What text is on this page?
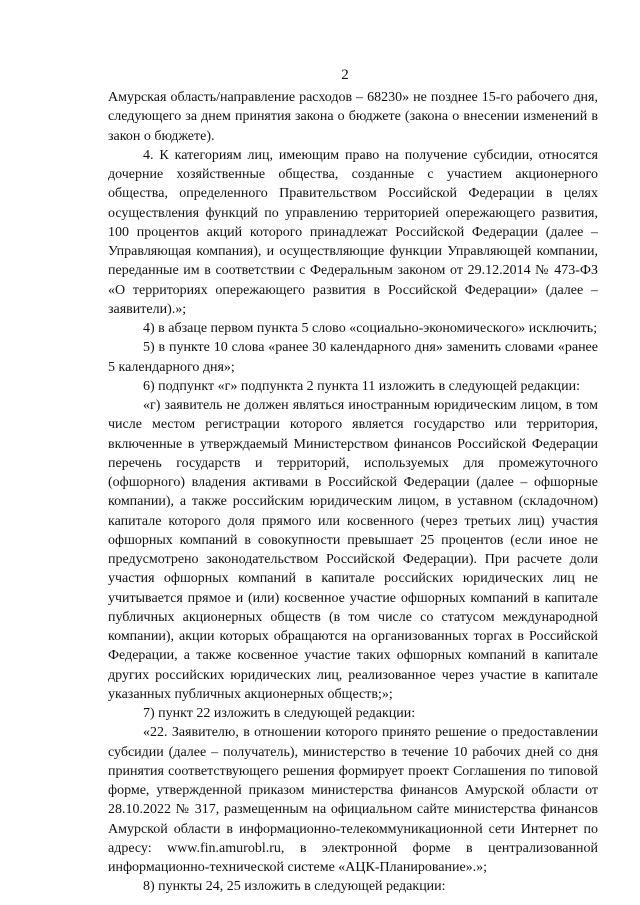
2

Амурская область/направление расходов – 68230» не позднее 15-го рабочего дня, следующего за днем принятия закона о бюджете (закона о внесении изменений в закон о бюджете).

4. К категориям лиц, имеющим право на получение субсидии, относятся дочерние хозяйственные общества, созданные с участием акционерного общества, определенного Правительством Российской Федерации в целях осуществления функций по управлению территорией опережающего развития, 100 процентов акций которого принадлежат Российской Федерации (далее – Управляющая компания), и осуществляющие функции Управляющей компании, переданные им в соответствии с Федеральным законом от 29.12.2014 № 473-ФЗ «О территориях опережающего развития в Российской Федерации» (далее – заявители).»;

4) в абзаце первом пункта 5 слово «социально-экономического» исключить;

5) в пункте 10 слова «ранее 30 календарного дня» заменить словами «ранее 5 календарного дня»;

6) подпункт «г» подпункта 2 пункта 11 изложить в следующей редакции:

«г) заявитель не должен являться иностранным юридическим лицом, в том числе местом регистрации которого является государство или территория, включенные в утверждаемый Министерством финансов Российской Федерации перечень государств и территорий, используемых для промежуточного (офшорного) владения активами в Российской Федерации (далее – офшорные компании), а также российским юридическим лицом, в уставном (складочном) капитале которого доля прямого или косвенного (через третьих лиц) участия офшорных компаний в совокупности превышает 25 процентов (если иное не предусмотрено законодательством Российской Федерации). При расчете доли участия офшорных компаний в капитале российских юридических лиц не учитывается прямое и (или) косвенное участие офшорных компаний в капитале публичных акционерных обществ (в том числе со статусом международной компании), акции которых обращаются на организованных торгах в Российской Федерации, а также косвенное участие таких офшорных компаний в капитале других российских юридических лиц, реализованное через участие в капитале указанных публичных акционерных обществ;»;

7) пункт 22 изложить в следующей редакции:

«22. Заявителю, в отношении которого принято решение о предоставлении субсидии (далее – получатель), министерство в течение 10 рабочих дней со дня принятия соответствующего решения формирует проект Соглашения по типовой форме, утвержденной приказом министерства финансов Амурской области от 28.10.2022 № 317, размещенным на официальном сайте министерства финансов Амурской области в информационно-телекоммуникационной сети Интернет по адресу: www.fin.amurobl.ru, в электронной форме в централизованной информационно-технической системе «АЦК-Планирование».»;

8) пункты 24, 25 изложить в следующей редакции:
